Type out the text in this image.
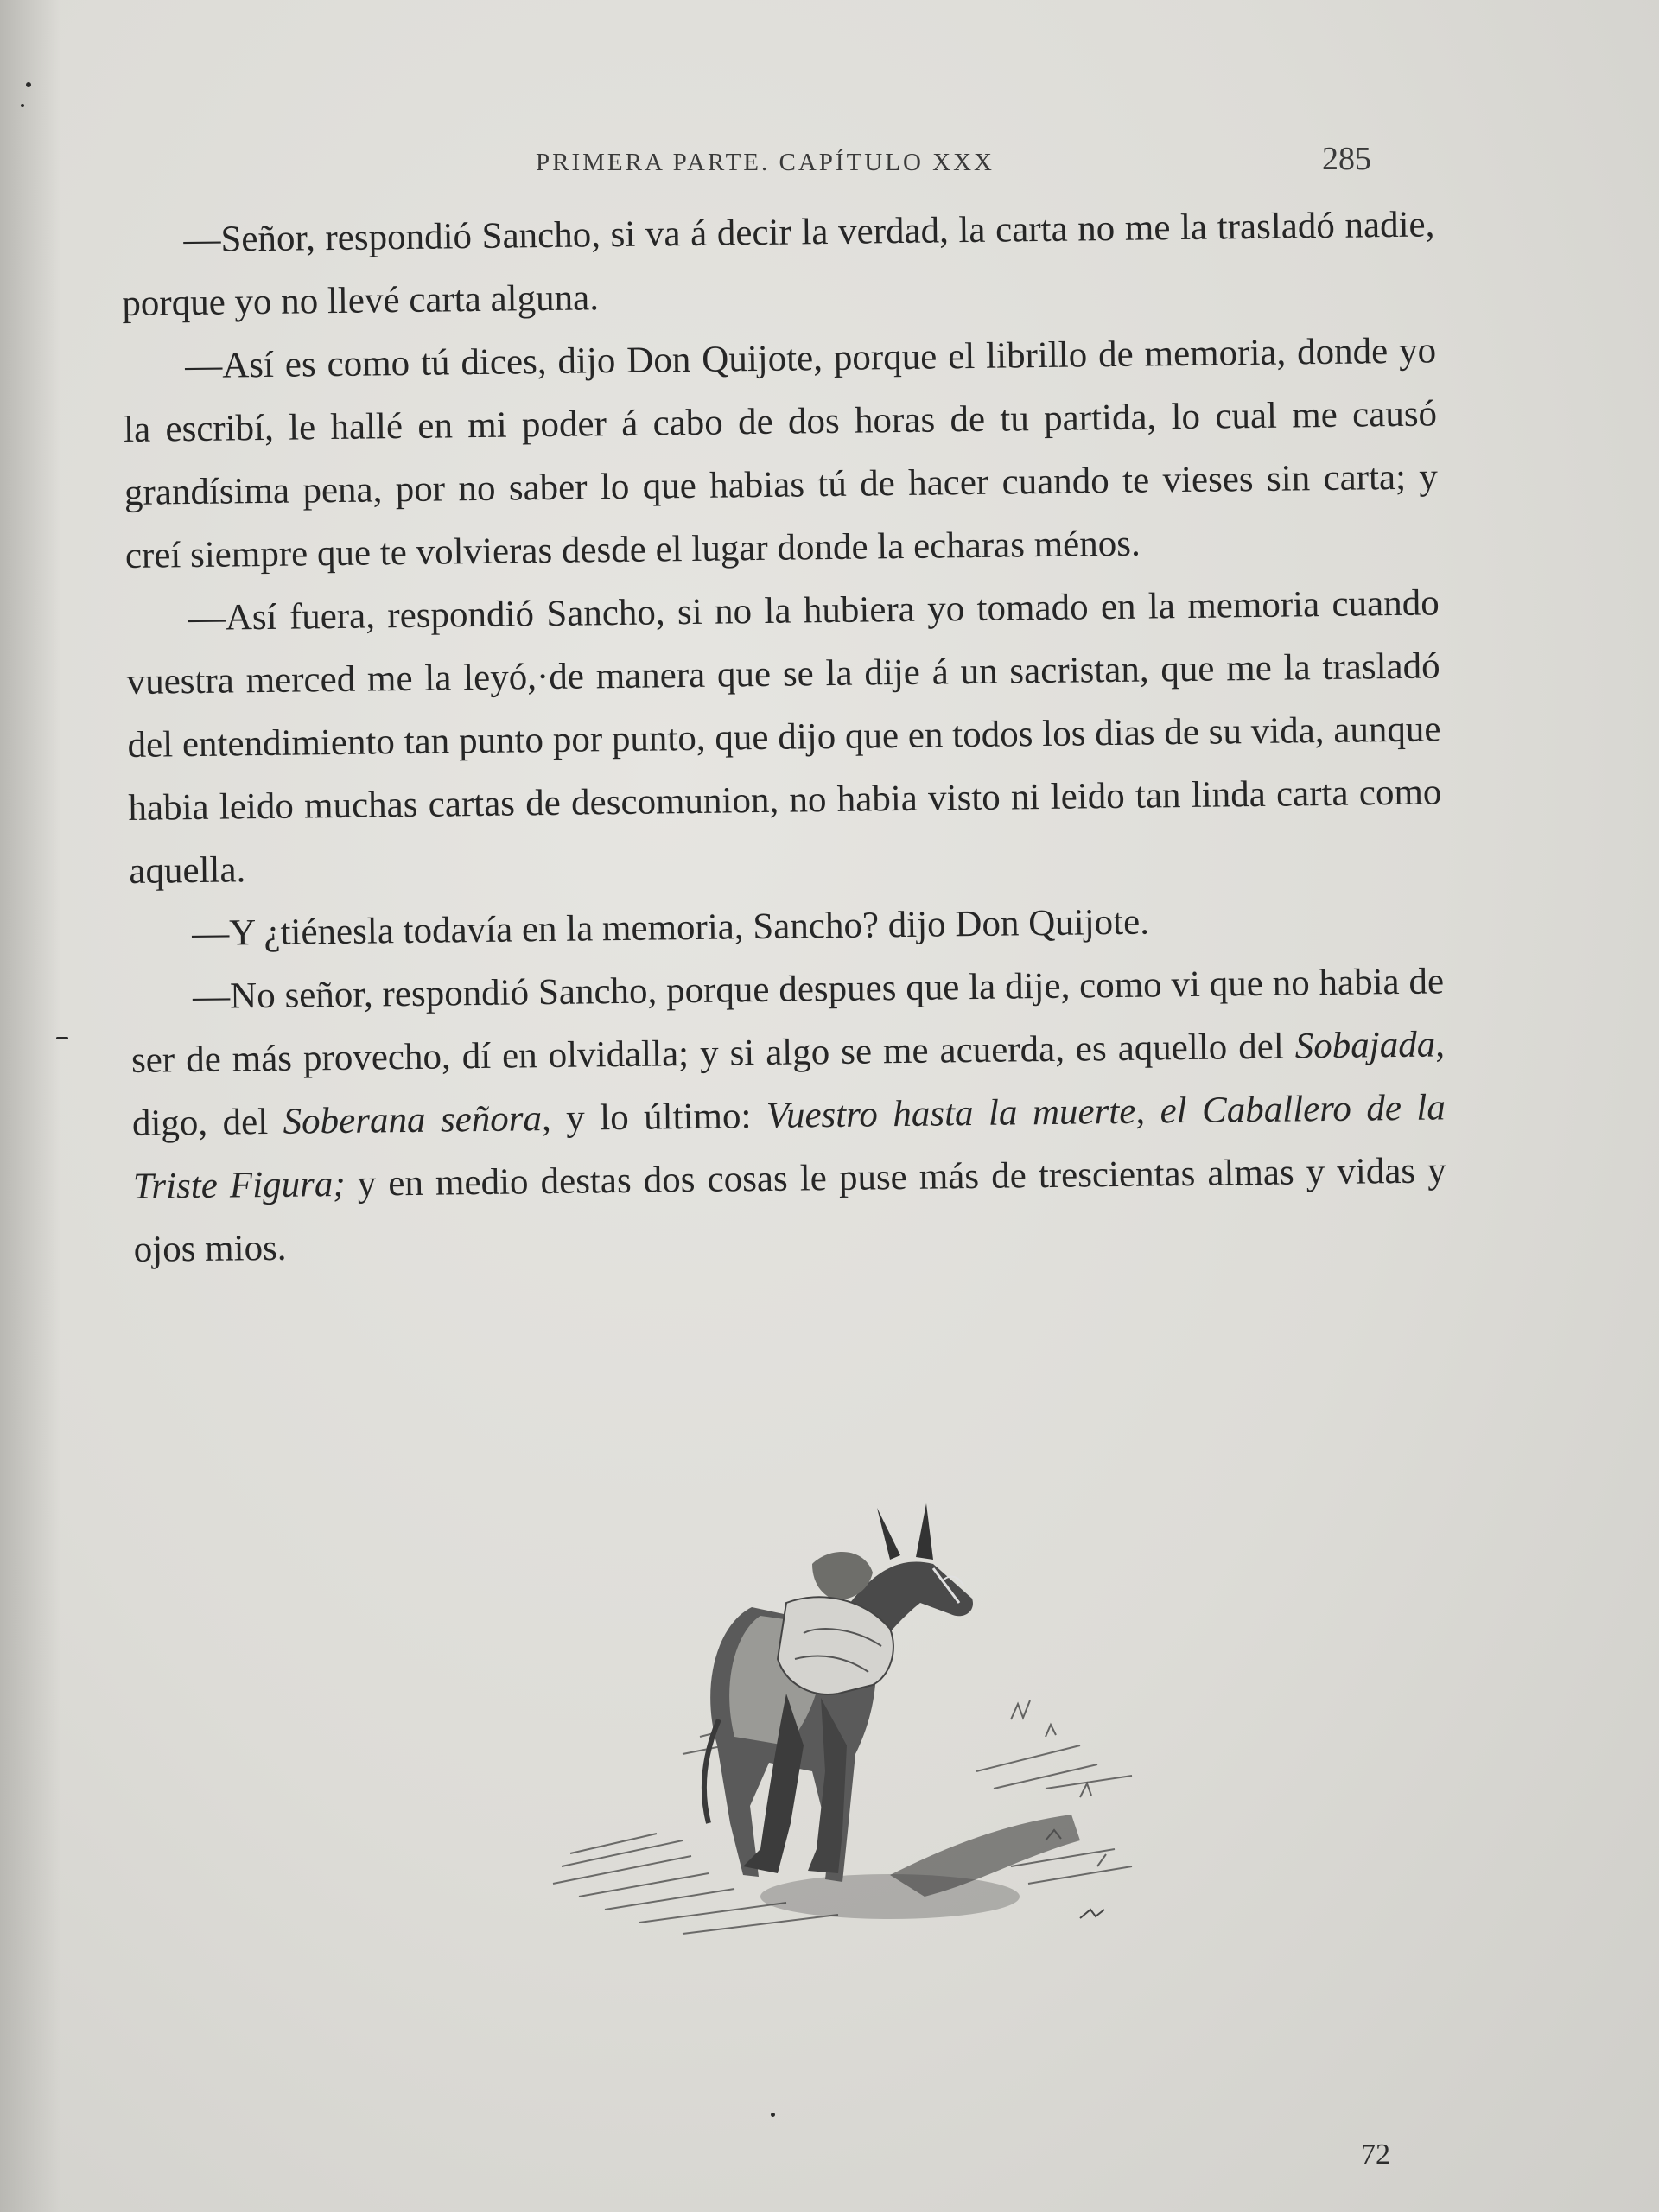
PRIMERA PARTE. CAPÍTULO XXX	285

—Señor, respondió Sancho, si va á decir la verdad, la carta no me la trasladó nadie, porque yo no llevé carta alguna.

—Así es como tú dices, dijo Don Quijote, porque el librillo de memoria, donde yo la escribí, le hallé en mi poder á cabo de dos horas de tu partida, lo cual me causó grandísima pena, por no saber lo que habias tú de hacer cuando te vieses sin carta; y creí siempre que te volvieras desde el lugar donde la echaras ménos.

—Así fuera, respondió Sancho, si no la hubiera yo tomado en la memoria cuando vuestra merced me la leyó,·de manera que se la dije á un sacristan, que me la trasladó del entendimiento tan punto por punto, que dijo que en todos los dias de su vida, aunque habia leido muchas cartas de descomunion, no habia visto ni leido tan linda carta como aquella.

—Y ¿tiénesla todavía en la memoria, Sancho? dijo Don Quijote.

—No señor, respondió Sancho, porque despues que la dije, como vi que no habia de ser de más provecho, dí en olvidalla; y si algo se me acuerda, es aquello del Sobajada, digo, del Soberana señora, y lo último: Vuestro hasta la muerte, el Caballero de la Triste Figura; y en medio destas dos cosas le puse más de trescientas almas y vidas y ojos mios.

72
